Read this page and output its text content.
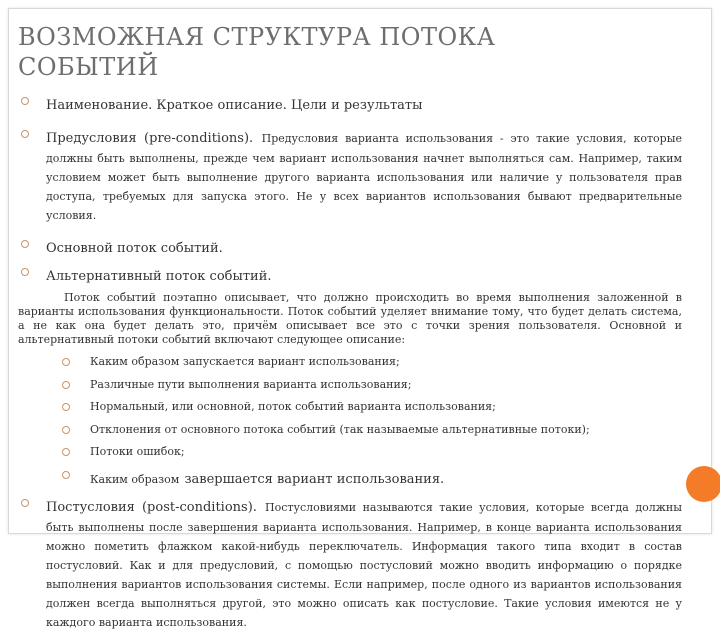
ВОЗМОЖНАЯ СТРУКТУРА ПОТОКА СОБЫТИЙ
Наименование. Краткое описание. Цели и результаты
Предусловия (pre-conditions). Предусловия варианта использования - это такие условия, которые должны быть выполнены, прежде чем вариант использования начнет выполняться сам. Например, таким условием может быть выполнение другого варианта использования или наличие у пользователя прав доступа, требуемых для запуска этого. Не у всех вариантов использования бывают предварительные условия.
Основной поток событий.
Альтернативный поток событий.

Поток событий поэтапно описывает, что должно происходить во время выполнения заложенной в варианты использования функциональности. Поток событий уделяет внимание тому, что будет делать система, а не как она будет делать это, причём описывает все это с точки зрения пользователя. Основной и альтернативный потоки событий включают следующее описание:

Каким образом запускается вариант использования;
Различные пути выполнения варианта использования;
Нормальный, или основной, поток событий варианта использования;
Отклонения от основного потока событий (так называемые альтернативные потоки);
Потоки ошибок;
Каким образом завершается вариант использования.
Постусловия (post-conditions). Постусловиями называются такие условия, которые всегда должны быть выполнены после завершения варианта использования. Например, в конце варианта использования можно пометить флажком какой-нибудь переключатель. Информация такого типа входит в состав постусловий. Как и для предусловий, с помощью постусловий можно вводить информацию о порядке выполнения вариантов использования системы. Если например, после одного из вариантов использования должен всегда выполняться другой, это можно описать как постусловие. Такие условия имеются не у каждого варианта использования.
